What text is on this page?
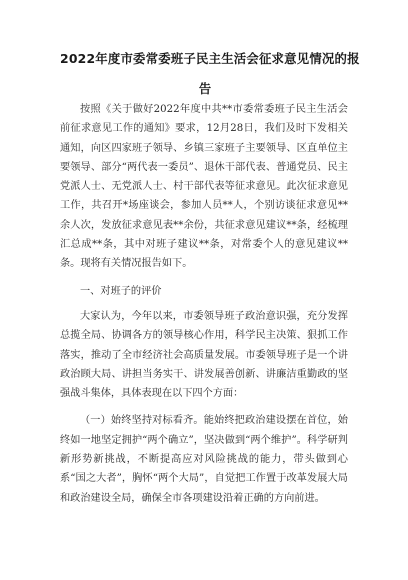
2022年度市委常委班子民主生活会征求意见情况的报
告

按照《关于做好2022年度中共**市委常委班子民主生活会前征求意见工作的通知》要求，12月28日，我们及时下发相关通知，向区四家班子领导、乡镇三家班子主要领导、区直单位主要领导、部分“两代表一委员”、退休干部代表、普通党员、民主党派人士、无党派人士、村干部代表等征求意见。此次征求意见工作，共召开*场座谈会，参加人员**人，个别访谈征求意见**余人次，发放征求意见表**余份，共征求意见建议**条，经梳理汇总成**条，其中对班子建议**条，对常委个人的意见建议**条。现将有关情况报告如下。

一、对班子的评价

大家认为，今年以来，市委领导班子政治意识强，充分发挥总揽全局、协调各方的领导核心作用，科学民主决策、狠抓工作落实，推动了全市经济社会高质量发展。市委领导班子是一个讲政治顾大局、讲担当务实干、讲发展善创新、讲廉洁重勤政的坚强战斗集体，具体表现在以下四个方面：

（一）始终坚持对标看齐。能始终把政治建设摆在首位，始终如一地坚定拥护“两个确立”，坚决做到“两个维护”。科学研判新形势新挑战，不断提高应对风险挑战的能力，带头做到心系“国之大者”，胸怀“两个大局”，自觉把工作置于改革发展大局和政治建设全局，确保全市各项建设沿着正确的方向前进。
